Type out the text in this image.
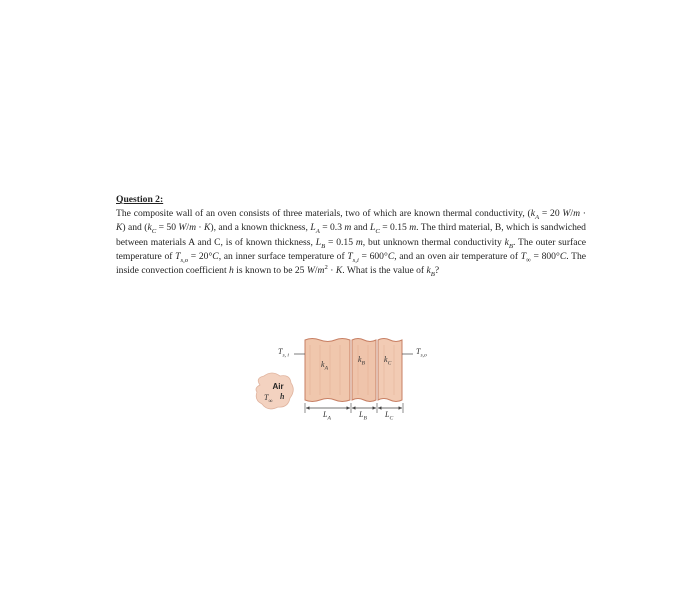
Question 2:

The composite wall of an oven consists of three materials, two of which are known thermal conductivity, ($k_A = 20$ W/m · K) and ($k_C = 50$ W/m · K), and a known thickness, $L_A = 0.3$ m and $L_C = 0.15$ m. The third material, B, which is sandwiched between materials A and C, is of known thickness, $L_B = 0.15$ m, but unknown thermal conductivity $k_B$. The outer surface temperature of $T_{s,o} = 20^\circ C$, an inner surface temperature of $T_{s,i} = 600^\circ C$, and an oven air temperature of $T_\infty = 800^\circ C$. The inside convection coefficient h is known to be 25 $W/m^2 \cdot K$. What is the value of $k_B$?

$T_{s, i}$	$T_{s,o}$
$k_A$
$k_B$ $k_C$
Air
$T_\infty$
h
$L_A$	$L_B$ $L_C$
